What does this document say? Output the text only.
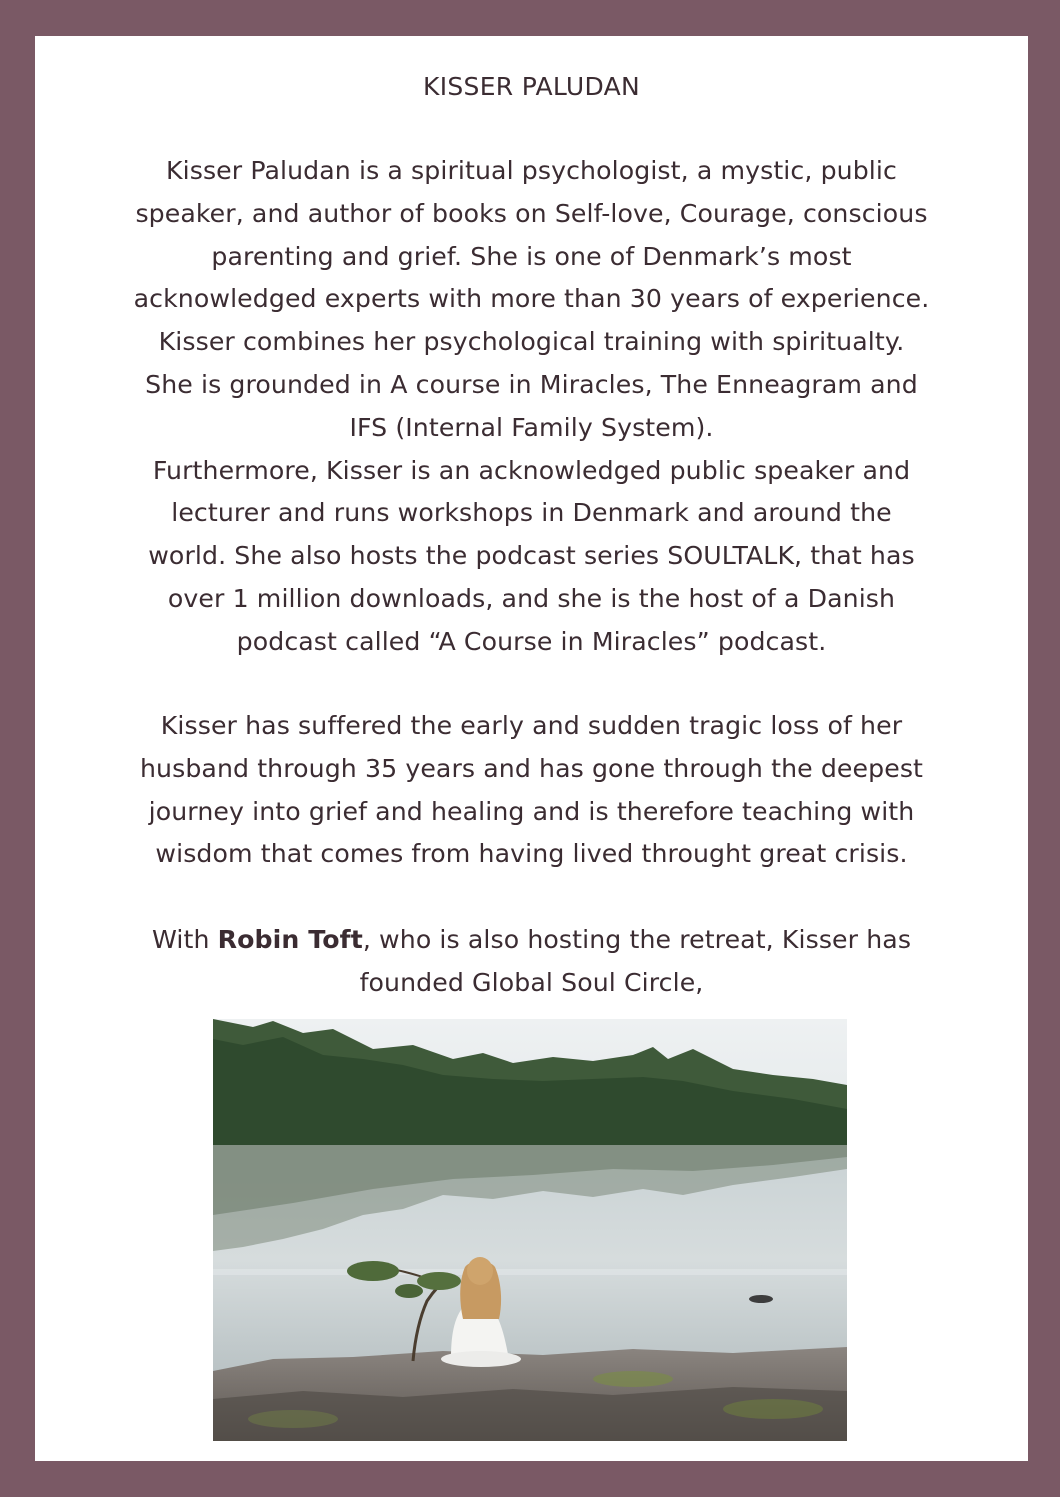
KISSER PALUDAN
Kisser Paludan is a spiritual psychologist, a mystic, public
speaker, and author of books on Self-love, Courage, conscious
parenting and grief. She is one of Denmark’s most
acknowledged experts with more than 30 years of experience.
Kisser combines her psychological training with spiritualty.
She is grounded in A course in Miracles, The Enneagram and
IFS (Internal Family System).
Furthermore, Kisser is an acknowledged public speaker and
lecturer and runs workshops in Denmark and around the
world. She also hosts the podcast series SOULTALK, that has
over 1 million downloads, and she is the host of a Danish
podcast called “A Course in Miracles” podcast.
Kisser has suffered the early and sudden tragic loss of her
husband through 35 years and has gone through the deepest
journey into grief and healing and is therefore teaching with
wisdom that comes from having lived throught great crisis.
With Robin Toft, who is also hosting the retreat, Kisser has
founded Global Soul Circle,
